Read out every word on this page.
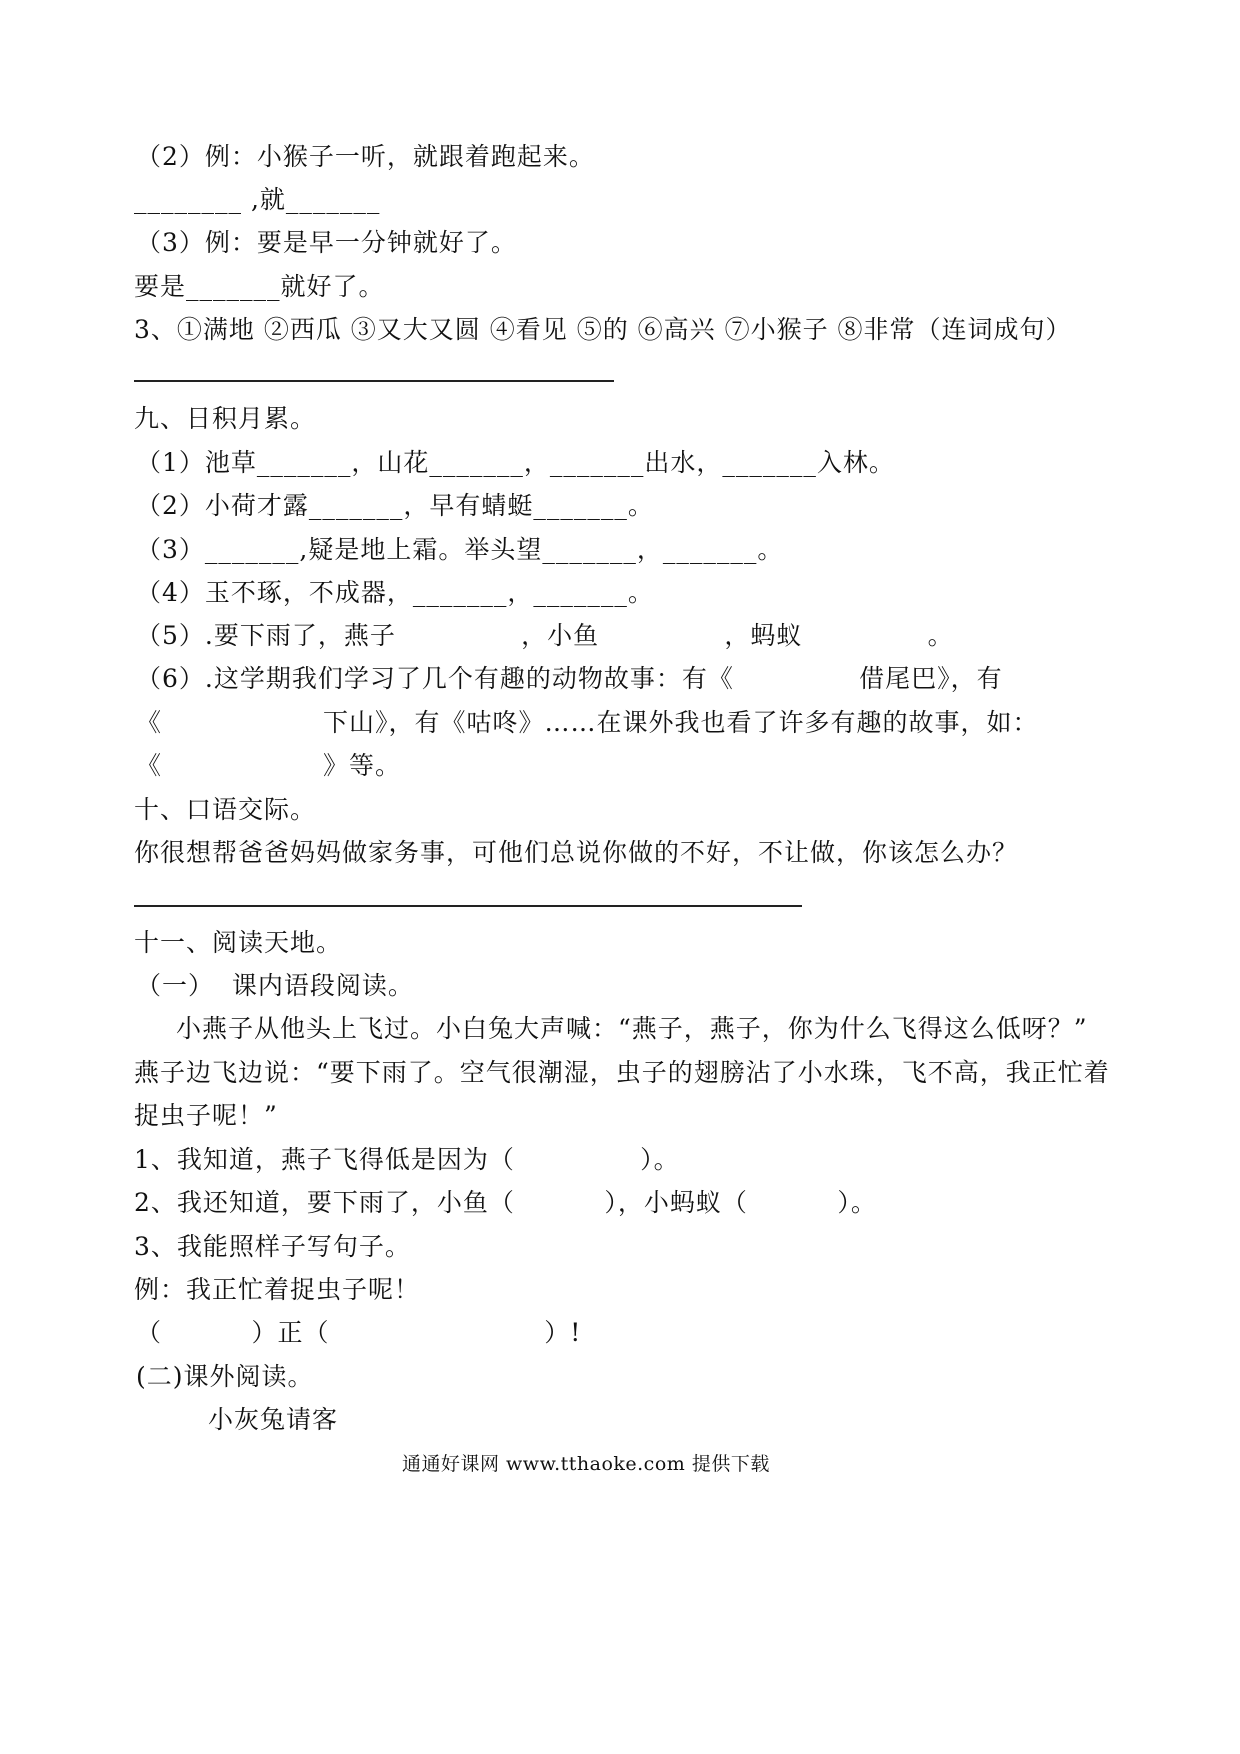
（2）例：小猴子一听，就跟着跑起来。
________ ,就_______
（3）例：要是早一分钟就好了。
要是_______就好了。
3、①满地 ②西瓜 ③又大又圆 ④看见 ⑤的 ⑥高兴 ⑦小猴子 ⑧非常（连词成句）
九、日积月累。
（1）池草_______，山花_______，_______出水，_______入林。
（2）小荷才露_______，早有蜻蜓_______。
（3）_______,疑是地上霜。举头望_______，_______。
（4）玉不琢，不成器，_______，_______。
（5）.要下雨了，燕子              ，小鱼              ，蚂蚁              。
（6）.这学期我们学习了几个有趣的动物故事：有《              借尾巴》，有
《                  下山》，有《咕咚》……在课外我也看了许多有趣的故事，如：
《                  》等。
十、口语交际。
你很想帮爸爸妈妈做家务事，可他们总说你做的不好，不让做，你该怎么办？
十一、阅读天地。
（一）  课内语段阅读。
小燕子从他头上飞过。小白兔大声喊：“燕子，燕子，你为什么飞得这么低呀？”
燕子边飞边说：“要下雨了。空气很潮湿，虫子的翅膀沾了小水珠，飞不高，我正忙着
捉虫子呢！”
1、我知道，燕子飞得低是因为（              ）。
2、我还知道，要下雨了，小鱼（          ），小蚂蚁（          ）。
3、我能照样子写句子。
例：我正忙着捉虫子呢！
（          ）正（                        ）!
(二)课外阅读。
小灰兔请客
通通好课网 www.tthaoke.com 提供下载
